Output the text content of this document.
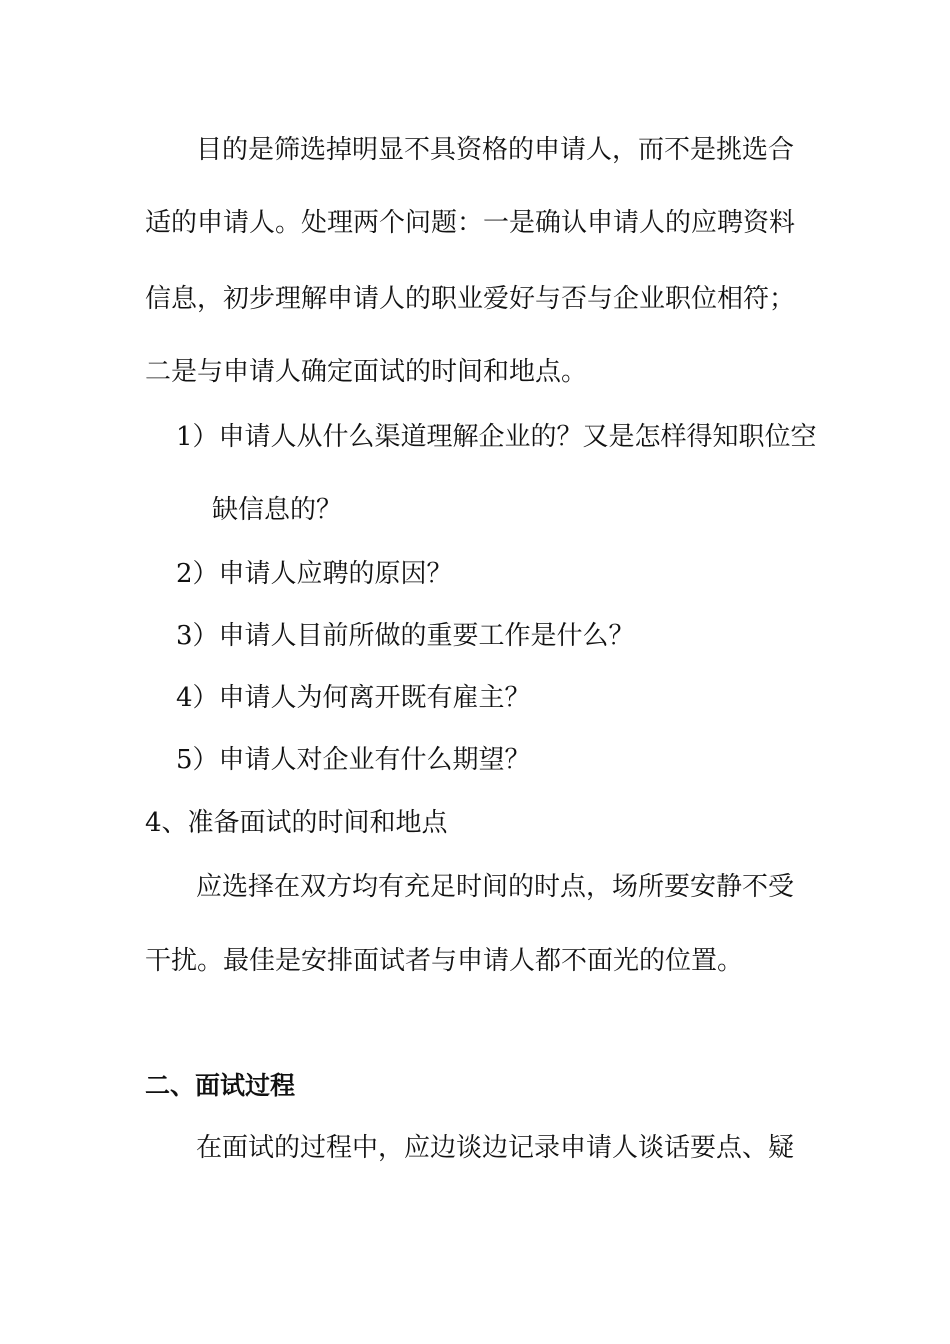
目的是筛选掉明显不具资格的申请人，而不是挑选合

适的申请人。处理两个问题：一是确认申请人的应聘资料

信息，初步理解申请人的职业爱好与否与企业职位相符；

二是与申请人确定面试的时间和地点。

1）申请人从什么渠道理解企业的？又是怎样得知职位空

缺信息的？

2）申请人应聘的原因？

3）申请人目前所做的重要工作是什么？

4）申请人为何离开既有雇主？

5）申请人对企业有什么期望？

4、准备面试的时间和地点

应选择在双方均有充足时间的时点，场所要安静不受

干扰。最佳是安排面试者与申请人都不面光的位置。

二、面试过程

在面试的过程中，应边谈边记录申请人谈话要点、疑
